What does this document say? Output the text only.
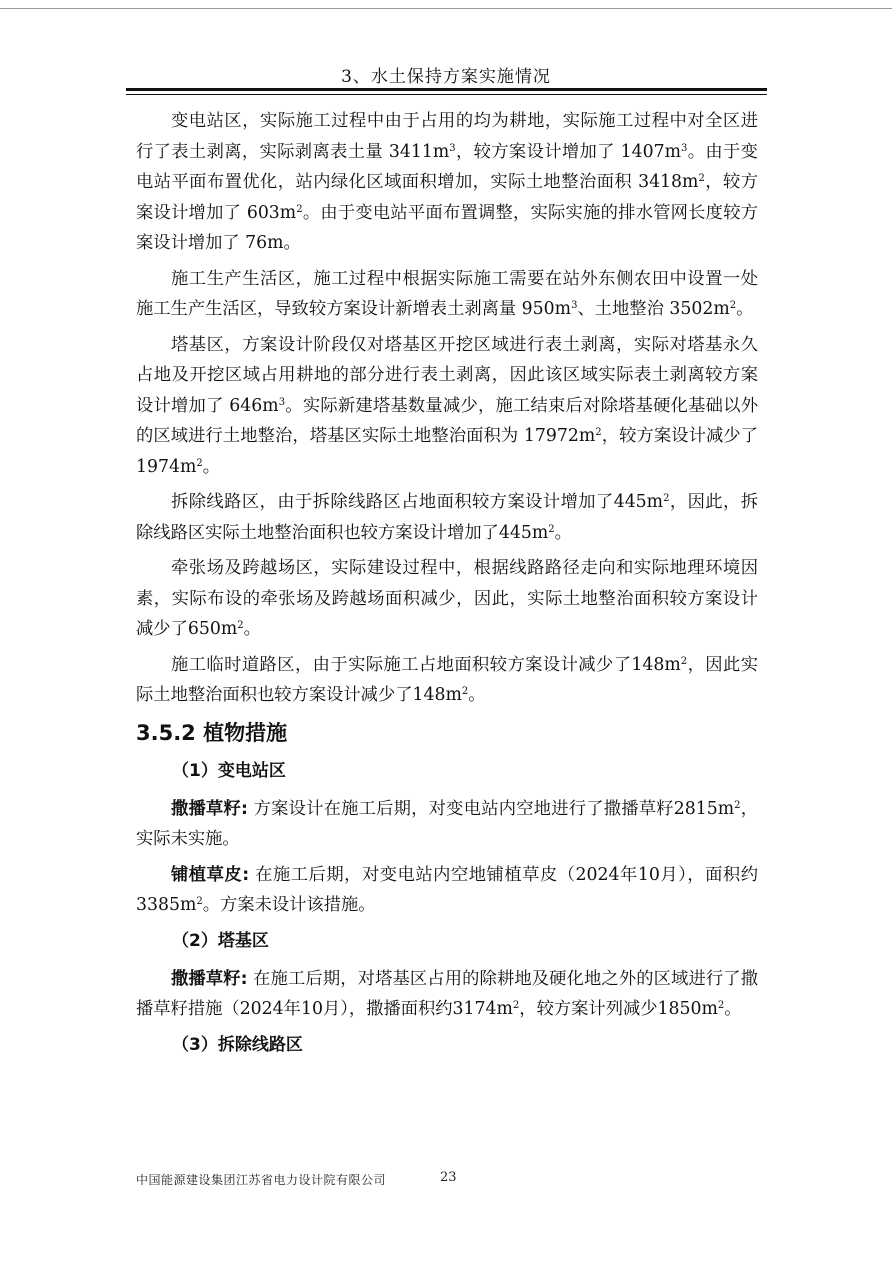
3、水土保持方案实施情况

变电站区，实际施工过程中由于占用的均为耕地，实际施工过程中对全区进行了表土剥离，实际剥离表土量 $3411m^3$，较方案设计增加了 $1407m^3$。由于变电站平面布置优化，站内绿化区域面积增加，实际土地整治面积 $3418m^2$，较方案设计增加了 $603m^2$。由于变电站平面布置调整，实际实施的排水管网长度较方案设计增加了 76m。

施工生产生活区，施工过程中根据实际施工需要在站外东侧农田中设置一处施工生产生活区，导致较方案设计新增表土剥离量 $950m^3$、土地整治 $3502m^2$。

塔基区，方案设计阶段仅对塔基区开挖区域进行表土剥离，实际对塔基永久占地及开挖区域占用耕地的部分进行表土剥离，因此该区域实际表土剥离较方案设计增加了 $646m^3$。实际新建塔基数量减少，施工结束后对除塔基硬化基础以外的区域进行土地整治，塔基区实际土地整治面积为 $17972m^2$，较方案设计减少了 $1974m^2$。

拆除线路区，由于拆除线路区占地面积较方案设计增加了$445m^2$，因此，拆除线路区实际土地整治面积也较方案设计增加了$445m^2$。

牵张场及跨越场区，实际建设过程中，根据线路路径走向和实际地理环境因素，实际布设的牵张场及跨越场面积减少，因此，实际土地整治面积较方案设计减少了$650m^2$。

施工临时道路区，由于实际施工占地面积较方案设计减少了$148m^2$，因此实际土地整治面积也较方案设计减少了$148m^2$。

3.5.2 植物措施
（1）变电站区

撒播草籽: 方案设计在施工后期，对变电站内空地进行了撒播草籽$2815m^2$，实际未实施。

铺植草皮: 在施工后期，对变电站内空地铺植草皮（2024年10月），面积约$3385m^2$。方案未设计该措施。

（2）塔基区

撒播草籽: 在施工后期，对塔基区占用的除耕地及硬化地之外的区域进行了撒播草籽措施（2024年10月），撒播面积约$3174m^2$，较方案计列减少$1850m^2$。

（3）拆除线路区
中国能源建设集团江苏省电力设计院有限公司	23
